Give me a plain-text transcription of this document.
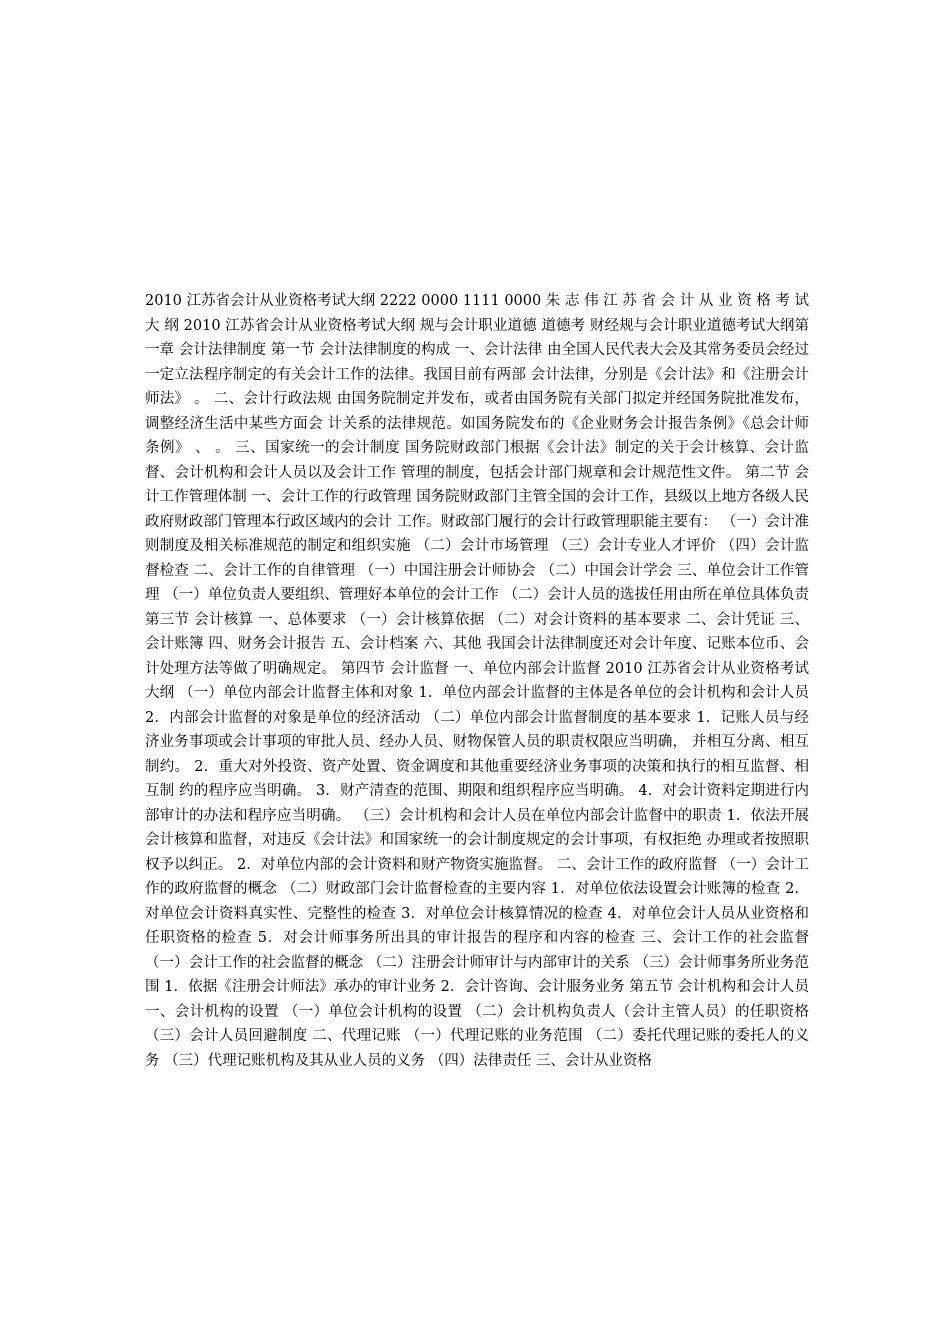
2010 江苏省会计从业资格考试大纲 2222 0000 1111 0000 朱 志 伟 江 苏 省 会 计 从 业 资 格 考 试 大 纲 2010 江苏省会计从业资格考试大纲 规与会计职业道德 道德考 财经规与会计职业道德考试大纲第一章 会计法律制度 第一节 会计法律制度的构成 一、会计法律 由全国人民代表大会及其常务委员会经过一定立法程序制定的有关会计工作的法律。我国目前有两部 会计法律，分别是《会计法》和《注册会计师法》 。 二、会计行政法规 由国务院制定并发布，或者由国务院有关部门拟定并经国务院批准发布，调整经济生活中某些方面会 计关系的法律规范。如国务院发布的《企业财务会计报告条例》《总会计师条例》 、 。 三、国家统一的会计制度 国务院财政部门根据《会计法》制定的关于会计核算、会计监督、会计机构和会计人员以及会计工作 管理的制度，包括会计部门规章和会计规范性文件。 第二节 会计工作管理体制 一、会计工作的行政管理 国务院财政部门主管全国的会计工作，县级以上地方各级人民政府财政部门管理本行政区域内的会计 工作。财政部门履行的会计行政管理职能主要有： （一）会计准则制度及相关标准规范的制定和组织实施 （二）会计市场管理 （三）会计专业人才评价 （四）会计监督检查 二、会计工作的自律管理 （一）中国注册会计师协会 （二）中国会计学会 三、单位会计工作管理 （一）单位负责人要组织、管理好本单位的会计工作 （二）会计人员的选拔任用由所在单位具体负责 第三节 会计核算 一、总体要求 （一）会计核算依据 （二）对会计资料的基本要求 二、会计凭证 三、会计账簿 四、财务会计报告 五、会计档案 六、其他 我国会计法律制度还对会计年度、记账本位币、会计处理方法等做了明确规定。 第四节 会计监督 一、单位内部会计监督 2010 江苏省会计从业资格考试大纲 （一）单位内部会计监督主体和对象 1．单位内部会计监督的主体是各单位的会计机构和会计人员 2．内部会计监督的对象是单位的经济活动 （二）单位内部会计监督制度的基本要求 1．记账人员与经济业务事项或会计事项的审批人员、经办人员、财物保管人员的职责权限应当明确， 并相互分离、相互制约。 2．重大对外投资、资产处置、资金调度和其他重要经济业务事项的决策和执行的相互监督、相互制 约的程序应当明确。 3．财产清查的范围、期限和组织程序应当明确。 4．对会计资料定期进行内部审计的办法和程序应当明确。 （三）会计机构和会计人员在单位内部会计监督中的职责 1．依法开展会计核算和监督，对违反《会计法》和国家统一的会计制度规定的会计事项，有权拒绝 办理或者按照职权予以纠正。 2．对单位内部的会计资料和财产物资实施监督。 二、会计工作的政府监督 （一）会计工作的政府监督的概念 （二）财政部门会计监督检查的主要内容 1．对单位依法设置会计账簿的检查 2．对单位会计资料真实性、完整性的检查 3．对单位会计核算情况的检查 4．对单位会计人员从业资格和任职资格的检查 5．对会计师事务所出具的审计报告的程序和内容的检查 三、会计工作的社会监督 （一）会计工作的社会监督的概念 （二）注册会计师审计与内部审计的关系 （三）会计师事务所业务范围 1．依据《注册会计师法》承办的审计业务 2．会计咨询、会计服务业务 第五节 会计机构和会计人员 一、会计机构的设置 （一）单位会计机构的设置 （二）会计机构负责人（会计主管人员）的任职资格 （三）会计人员回避制度 二、代理记账 （一）代理记账的业务范围 （二）委托代理记账的委托人的义务 （三）代理记账机构及其从业人员的义务 （四）法律责任 三、会计从业资格
